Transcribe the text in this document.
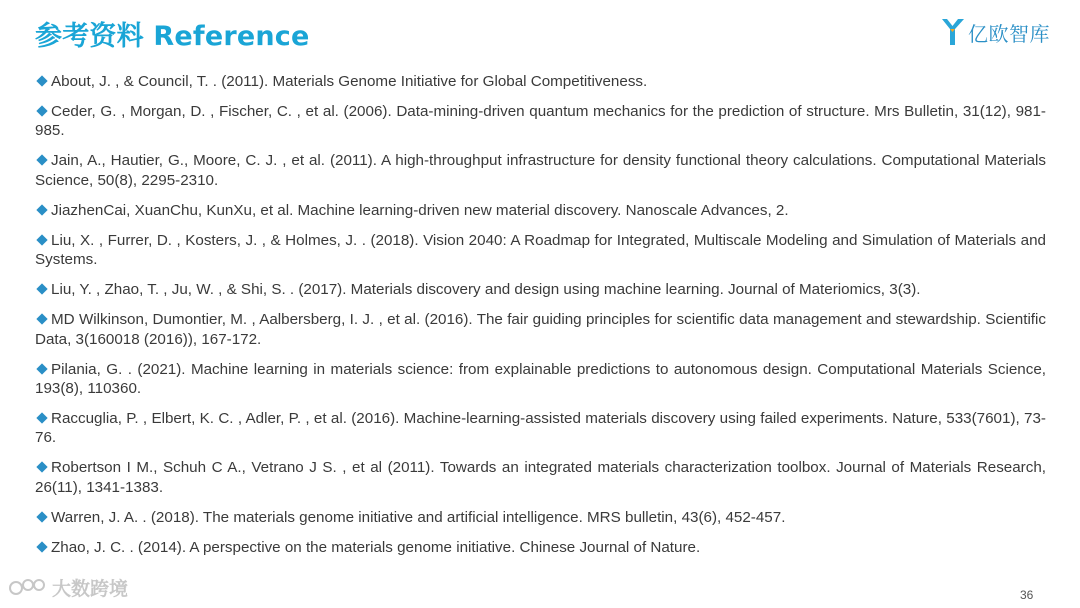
参考资料 Reference	亿欧智库
About, J. , & Council, T. . (2011). Materials Genome Initiative for Global Competitiveness.
Ceder, G. , Morgan, D. , Fischer, C. , et al. (2006). Data-mining-driven quantum mechanics for the prediction of structure. Mrs Bulletin, 31(12), 981-985.
Jain, A., Hautier, G., Moore, C. J. , et al. (2011). A high-throughput infrastructure for density functional theory calculations. Computational Materials Science, 50(8), 2295-2310.
JiazhenCai, XuanChu, KunXu, et al. Machine learning-driven new material discovery. Nanoscale Advances, 2.
Liu, X. , Furrer, D. , Kosters, J. , & Holmes, J. . (2018). Vision 2040: A Roadmap for Integrated, Multiscale Modeling and Simulation of Materials and Systems.
Liu, Y. , Zhao, T. , Ju, W. , & Shi, S. . (2017). Materials discovery and design using machine learning. Journal of Materiomics, 3(3).
MD Wilkinson, Dumontier, M. , Aalbersberg, I. J. , et al. (2016). The fair guiding principles for scientific data management and stewardship. Scientific Data, 3(160018 (2016)), 167-172.
Pilania, G. . (2021). Machine learning in materials science: from explainable predictions to autonomous design. Computational Materials Science, 193(8), 110360.
Raccuglia, P. , Elbert, K. C. , Adler, P. , et al. (2016). Machine-learning-assisted materials discovery using failed experiments. Nature, 533(7601), 73-76.
Robertson I M., Schuh C A., Vetrano J S. , et al (2011). Towards an integrated materials characterization toolbox. Journal of Materials Research, 26(11), 1341-1383.
Warren, J. A. . (2018). The materials genome initiative and artificial intelligence. MRS bulletin, 43(6), 452-457.
Zhao, J. C. . (2014). A perspective on the materials genome initiative. Chinese Journal of Nature.
大数跨境	36
